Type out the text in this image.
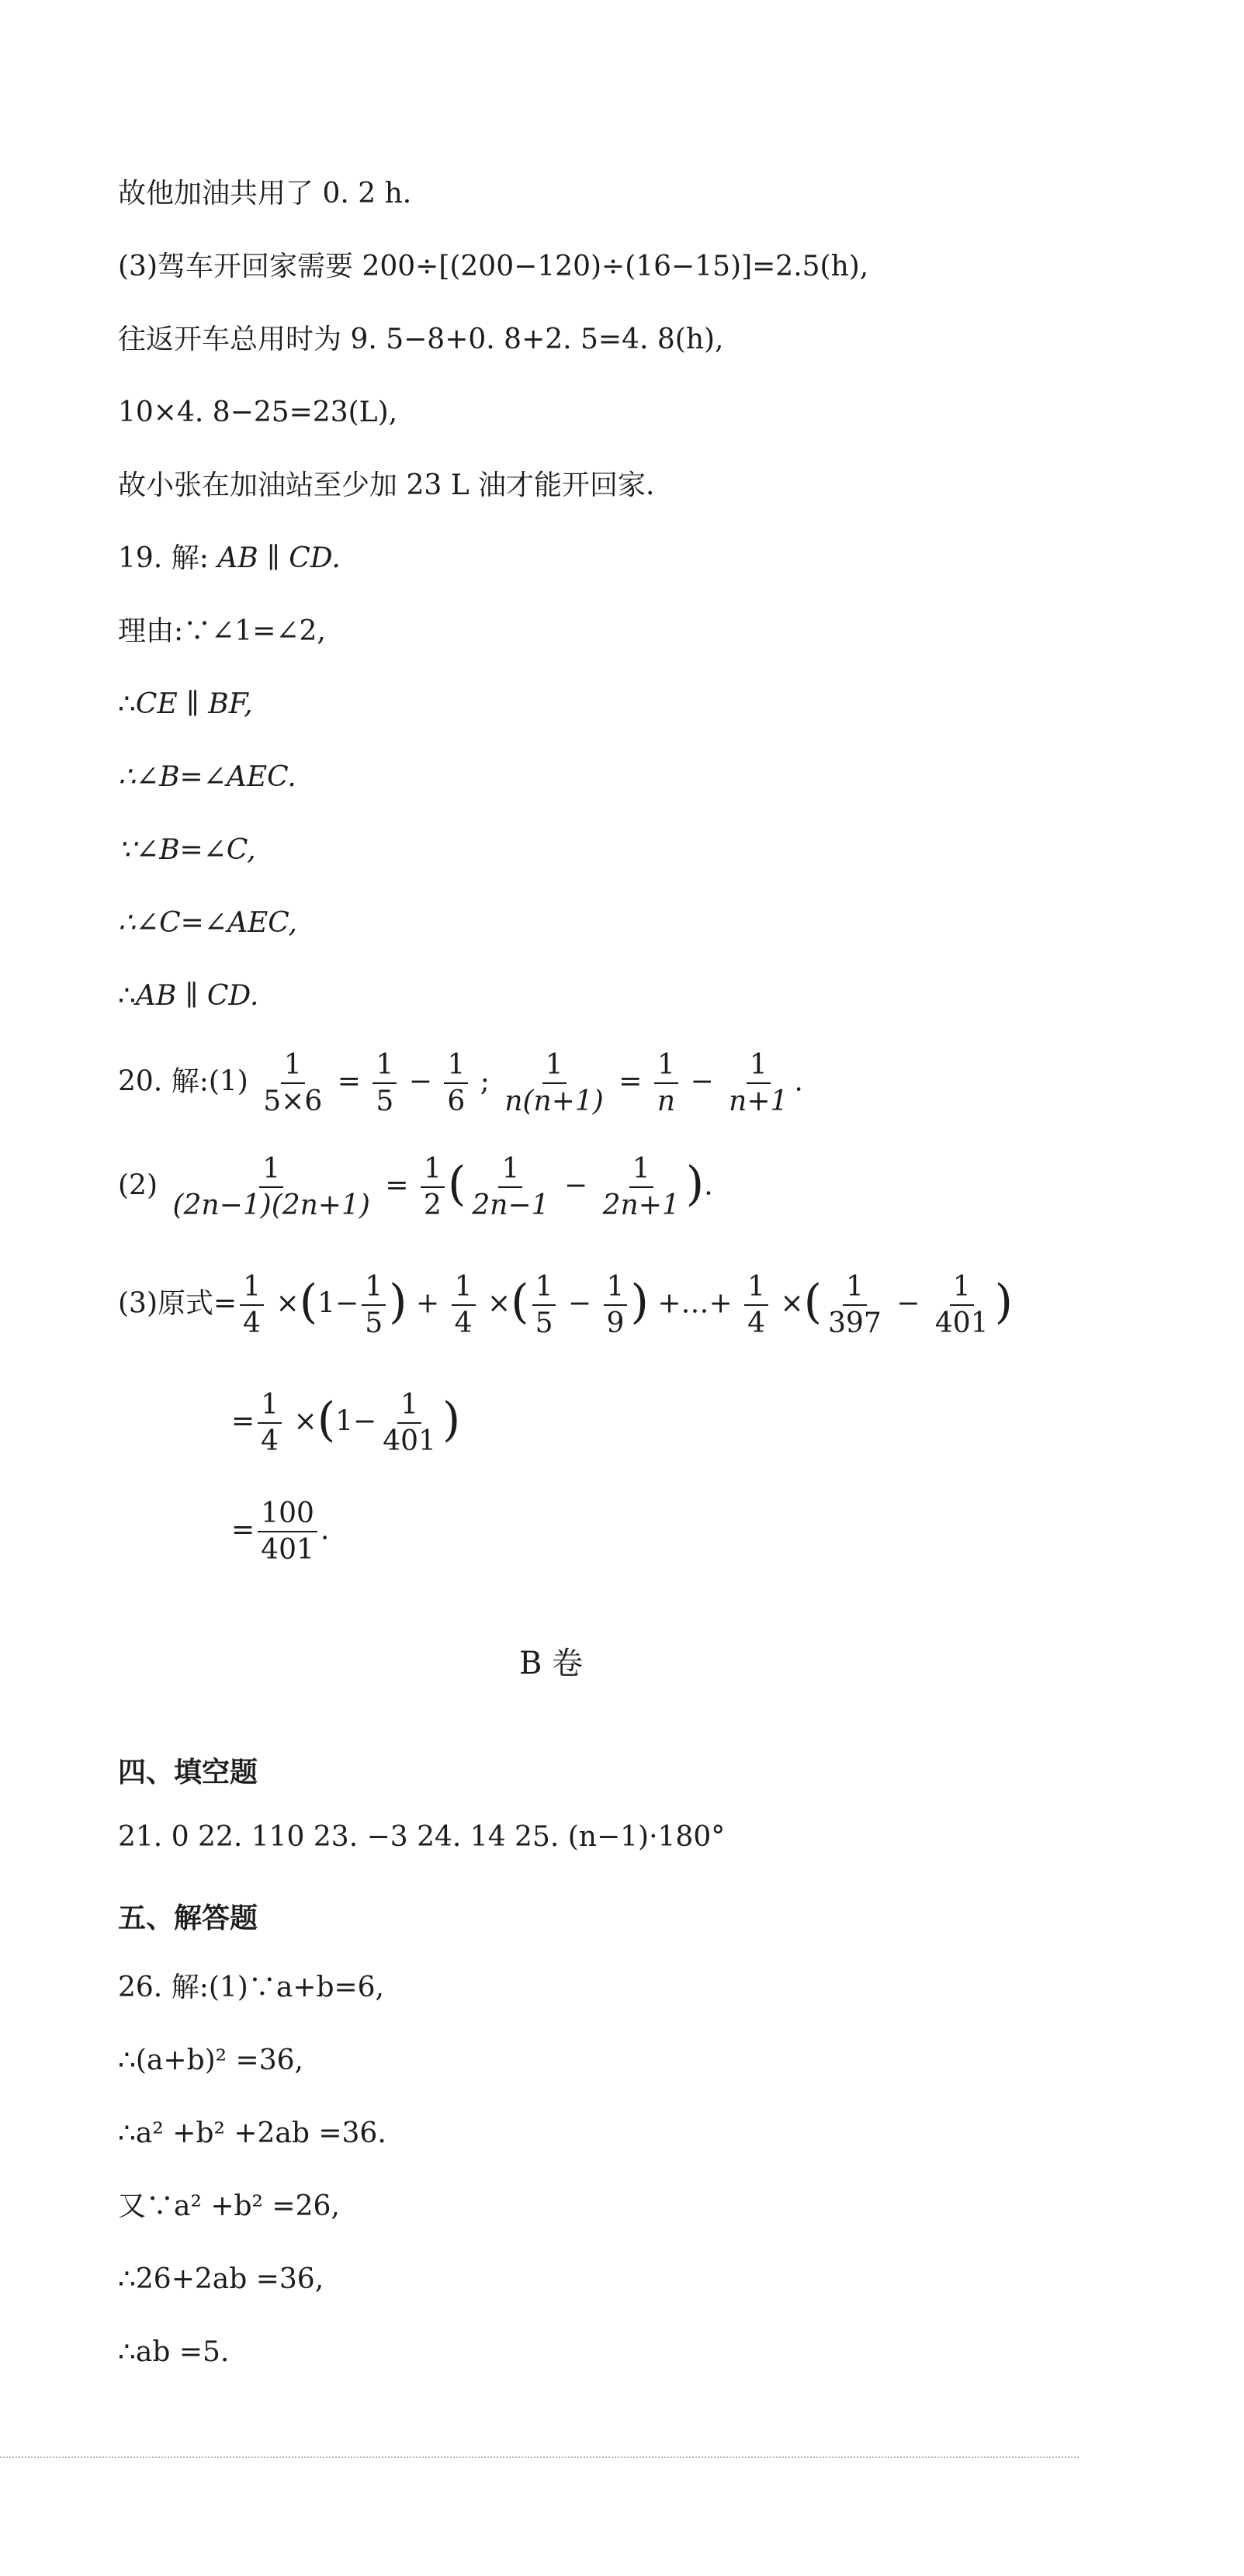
故他加油共用了 0. 2 h.
(3)驾车开回家需要 200÷[(200−120)÷(16−15)]=2.5(h),
往返开车总用时为 9. 5−8+0. 8+2. 5=4. 8(h),
10×4. 8−25=23(L),
故小张在加油站至少加 23 L 油才能开回家.
19. 解: AB ∥ CD.
理由:∵∠1=∠2,
∴CE ∥ BF,
∴∠B=∠AEC.
∵∠B=∠C,
∴∠C=∠AEC,
∴AB ∥ CD.
20. 解:(1) $\frac{1}{5\times 6} = \frac{1}{5} - \frac{1}{6}$ ; $\frac{1}{n(n+1)} = \frac{1}{n} - \frac{1}{n+1}$ .
$(2) \frac{1}{(2n-1)(2n+1)} = \frac{1}{2}$ ( $\frac{1}{2n-1} - \frac{1}{2n+1}$ ).
(3)原式= $\frac{1}{4} \times(1- \frac{1}{5}$ ) + $\frac{1}{4}$ ×( $\frac{1}{5} - \frac{1}{9}$ ) +…+ $\frac{1}{4}$ ×( $\frac{1}{397} - \frac{1}{401}$ )
= $\frac{1}{4} \times(1- \frac{1}{401}$ )
= $\frac{100}{401}$ .
B 卷
四、填空题
21. 0 22. 110 23. −3 24. 14 25. (n−1)·180°
五、解答题
26. 解:(1)∵a+b=6,
∴(a+b)² =36,
∴a² +b² +2ab =36.
又∵a² +b² =26,
∴26+2ab =36,
∴ab =5.
